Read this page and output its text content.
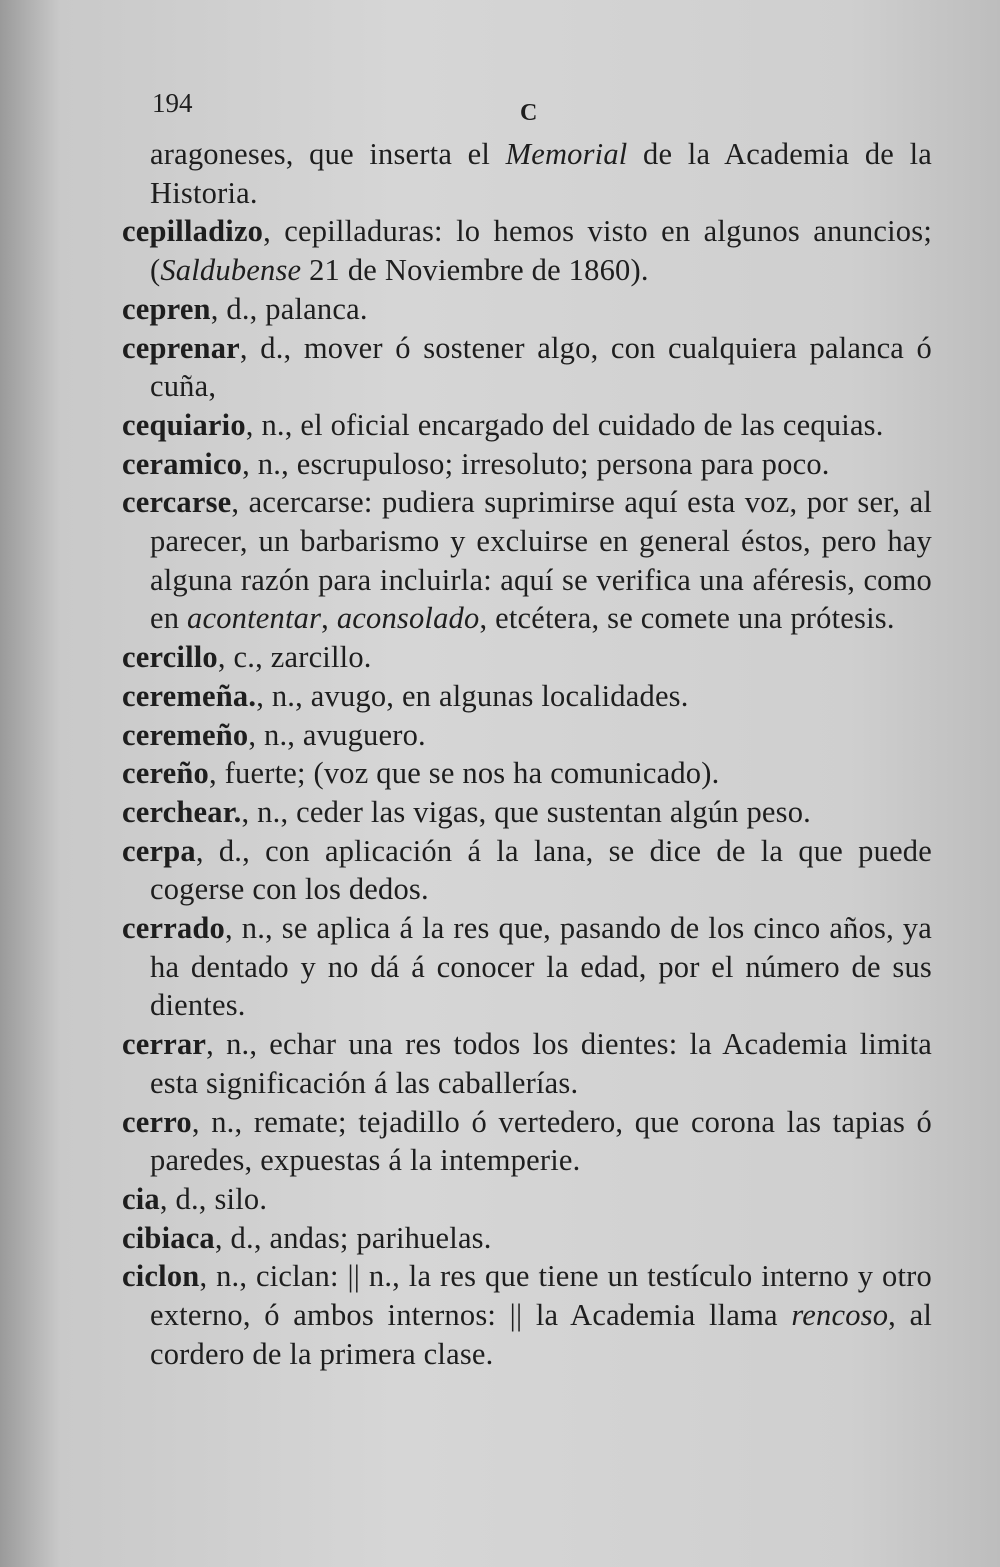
194	C

aragoneses, que inserta el Memorial de la Academia de la Historia.

cepilladizo, cepilladuras: lo hemos visto en algunos anuncios; (Saldubense 21 de Noviembre de 1860).

cepren, d., palanca.

ceprenar, d., mover ó sostener algo, con cualquiera palanca ó cuña,

cequiario, n., el oficial encargado del cuidado de las cequias.

ceramico, n., escrupuloso; irresoluto; persona para poco.

cercarse, acercarse: pudiera suprimirse aquí esta voz, por ser, al parecer, un barbarismo y excluirse en general éstos, pero hay alguna razón para incluirla: aquí se verifica una aféresis, como en acontentar, aconsolado, etcétera, se comete una prótesis.

cercillo, c., zarcillo.

ceremeña., n., avugo, en algunas localidades.

ceremeño, n., avuguero.

cereño, fuerte; (voz que se nos ha comunicado).

cerchear., n., ceder las vigas, que sustentan algún peso.

cerpa, d., con aplicación á la lana, se dice de la que puede cogerse con los dedos.

cerrado, n., se aplica á la res que, pasando de los cinco años, ya ha dentado y no dá á conocer la edad, por el número de sus dientes.

cerrar, n., echar una res todos los dientes: la Academia limita esta significación á las caballerías.

cerro, n., remate; tejadillo ó vertedero, que corona las tapias ó paredes, expuestas á la intemperie.

cia, d., silo.

cibiaca, d., andas; parihuelas.

ciclon, n., ciclan: || n., la res que tiene un testículo interno y otro externo, ó ambos internos: || la Academia llama rencoso, al cordero de la primera clase.
